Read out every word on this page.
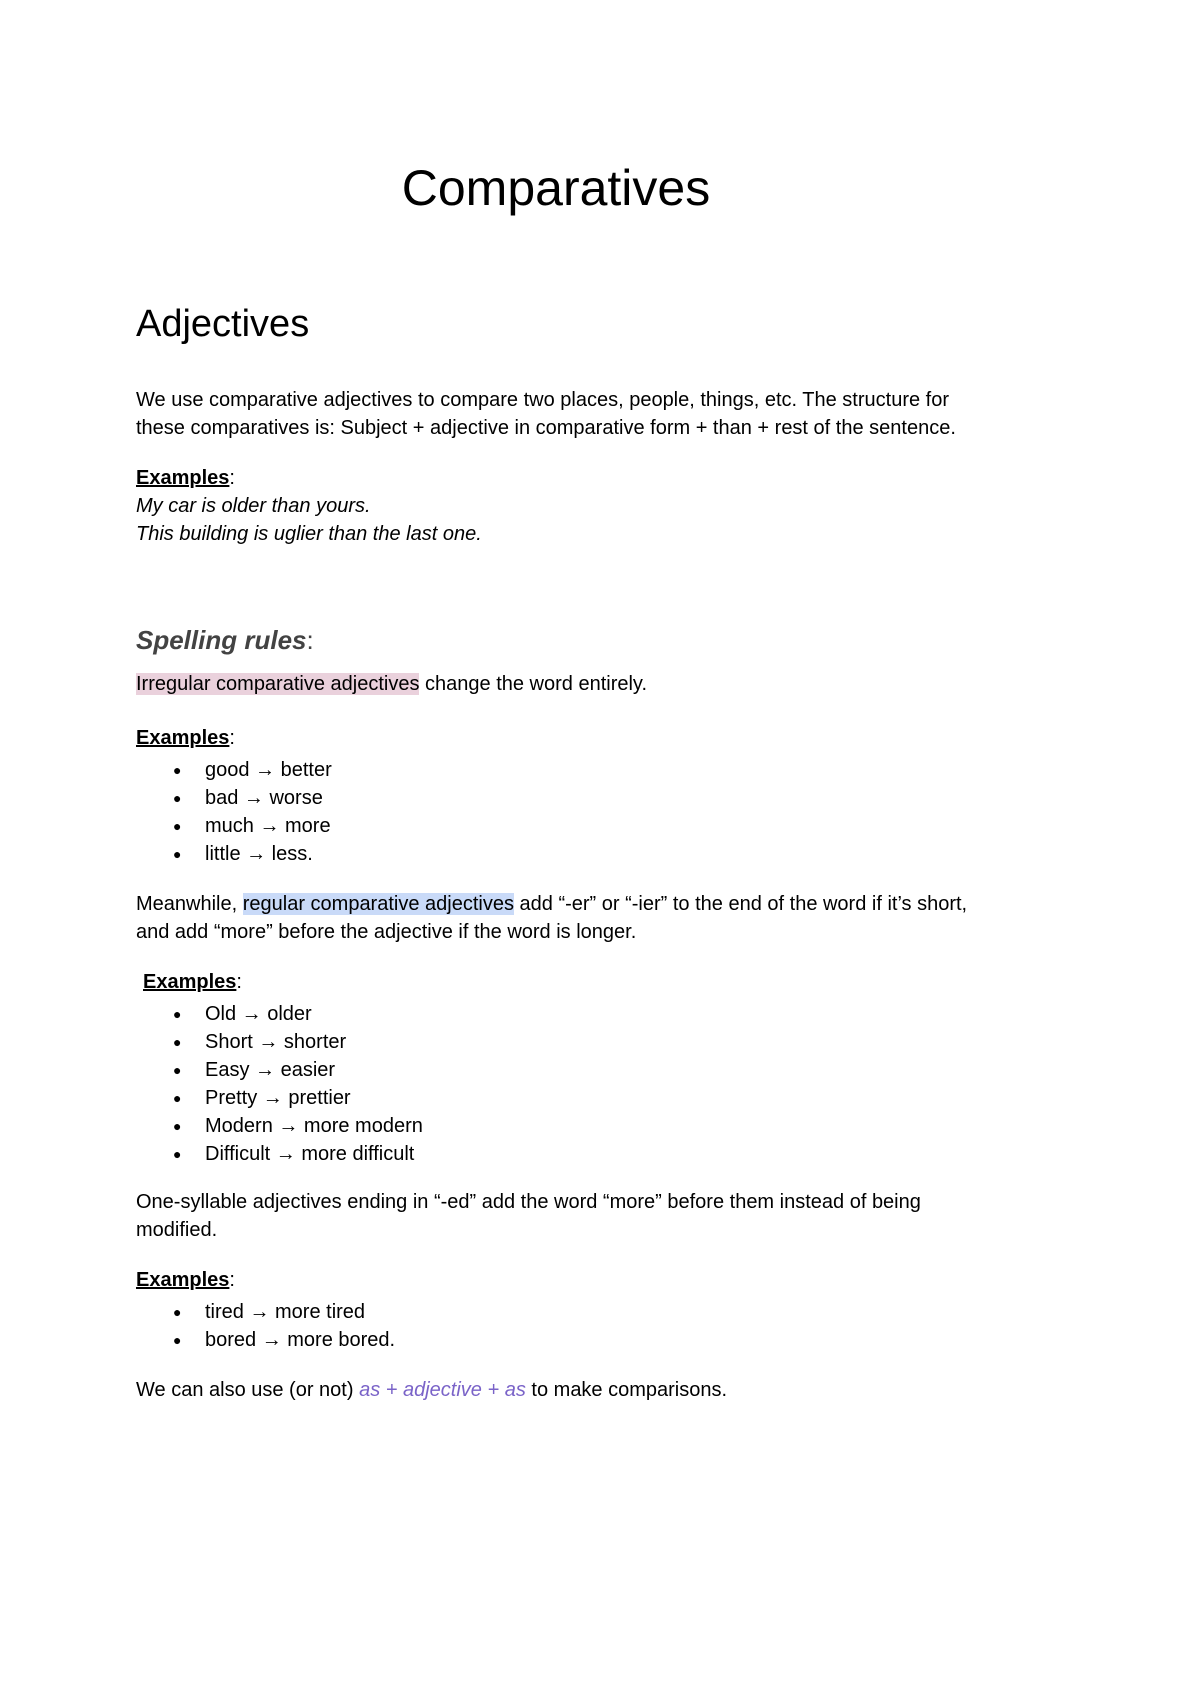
Comparatives
Adjectives

We use comparative adjectives to compare two places, people, things, etc. The structure for these comparatives is: Subject + adjective in comparative form + than + rest of the sentence.

Examples:

My car is older than yours.

This building is uglier than the last one.

Spelling rules:

Irregular comparative adjectives change the word entirely.

Examples:

● good → better
● bad → worse
● much → more
● little → less.

Meanwhile, regular comparative adjectives add “-er” or “-ier” to the end of the word if it’s short, and add “more” before the adjective if the word is longer.

Examples:

● Old → older
● Short → shorter
● Easy → easier
● Pretty → prettier
● Modern → more modern
● Difficult → more difficult

One-syllable adjectives ending in “-ed” add the word “more” before them instead of being modified.

Examples:

● tired → more tired
● bored → more bored.

We can also use (or not) as + adjective + as to make comparisons.
